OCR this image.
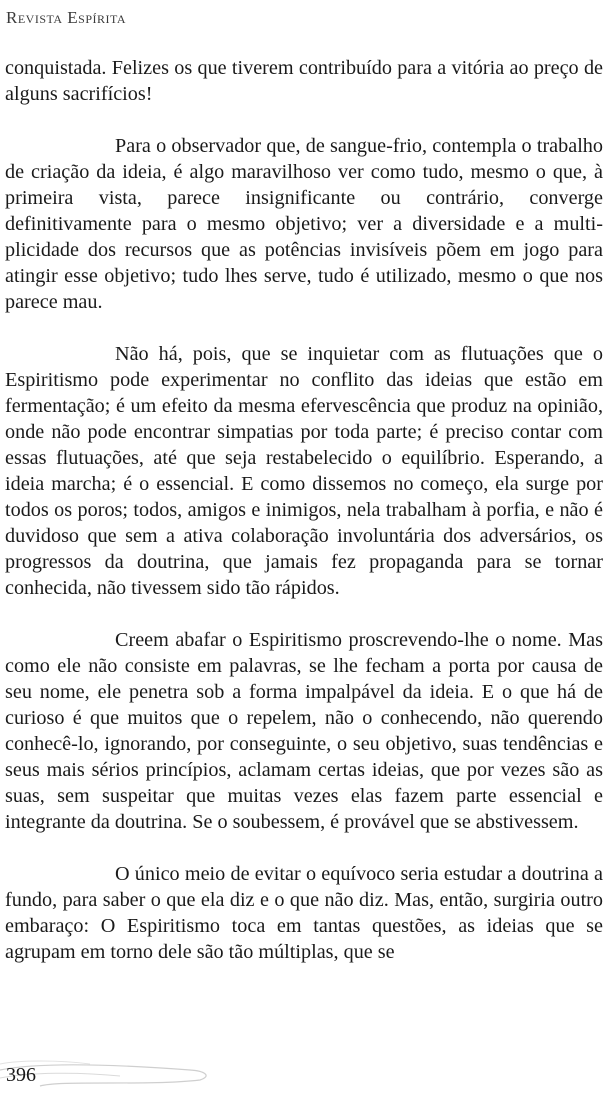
Revista Espírita

conquistada. Felizes os que tiverem contribuído para a vitória ao preço de alguns sacrifícios!

Para o observador que, de sangue-frio, contempla o trabalho de criação da ideia, é algo maravilhoso ver como tudo, mesmo o que, à primeira vista, parece insignificante ou contrário, converge definitivamente para o mesmo objetivo; ver a diversidade e a multiplicidade dos recursos que as potências invisíveis põem em jogo para atingir esse objetivo; tudo lhes serve, tudo é utilizado, mesmo o que nos parece mau.

Não há, pois, que se inquietar com as flutuações que o Espiritismo pode experimentar no conflito das ideias que estão em fermentação; é um efeito da mesma efervescência que produz na opinião, onde não pode encontrar simpatias por toda parte; é preciso contar com essas flutuações, até que seja restabelecido o equilíbrio. Esperando, a ideia marcha; é o essencial. E como dissemos no começo, ela surge por todos os poros; todos, amigos e inimigos, nela trabalham à porfia, e não é duvidoso que sem a ativa colaboração involuntária dos adversários, os progressos da doutrina, que jamais fez propaganda para se tornar conhecida, não tivessem sido tão rápidos.

Creem abafar o Espiritismo proscrevendo-lhe o nome. Mas como ele não consiste em palavras, se lhe fecham a porta por causa de seu nome, ele penetra sob a forma impalpável da ideia. E o que há de curioso é que muitos que o repelem, não o conhecendo, não querendo conhecê-lo, ignorando, por conseguinte, o seu objetivo, suas tendências e seus mais sérios princípios, aclamam certas ideias, que por vezes são as suas, sem suspeitar que muitas vezes elas fazem parte essencial e integrante da doutrina. Se o soubessem, é provável que se abstivessem.

O único meio de evitar o equívoco seria estudar a doutrina a fundo, para saber o que ela diz e o que não diz. Mas, então, surgiria outro embaraço: O Espiritismo toca em tantas questões, as ideias que se agrupam em torno dele são tão múltiplas, que se

396
